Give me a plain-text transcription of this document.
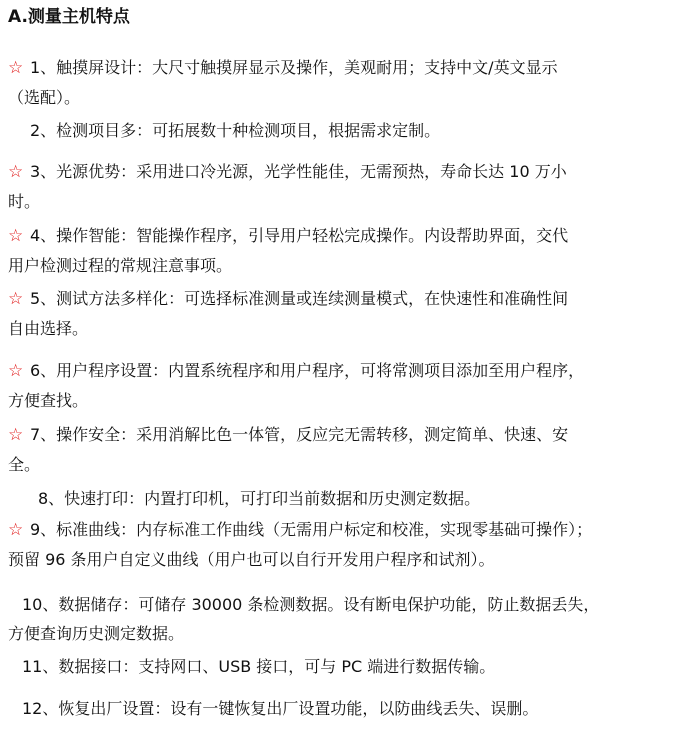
A.测量主机特点
☆ 1、触摸屏设计：大尺寸触摸屏显示及操作，美观耐用；支持中文/英文显示
（选配）。
2、检测项目多：可拓展数十种检测项目，根据需求定制。
☆ 3、光源优势：采用进口冷光源，光学性能佳，无需预热，寿命长达 10 万小
时。
☆ 4、操作智能：智能操作程序，引导用户轻松完成操作。内设帮助界面，交代
用户检测过程的常规注意事项。
☆ 5、测试方法多样化：可选择标准测量或连续测量模式，在快速性和准确性间
自由选择。
☆ 6、用户程序设置：内置系统程序和用户程序，可将常测项目添加至用户程序，
方便查找。
☆ 7、操作安全：采用消解比色一体管，反应完无需转移，测定简单、快速、安
全。
8、快速打印：内置打印机，可打印当前数据和历史测定数据。
☆ 9、标准曲线：内存标准工作曲线（无需用户标定和校准，实现零基础可操作）；
预留 96 条用户自定义曲线（用户也可以自行开发用户程序和试剂）。
10、数据储存：可储存 30000 条检测数据。设有断电保护功能，防止数据丢失，
方便查询历史测定数据。
11、数据接口：支持网口、USB 接口，可与 PC 端进行数据传输。
12、恢复出厂设置：设有一键恢复出厂设置功能，以防曲线丢失、误删。
